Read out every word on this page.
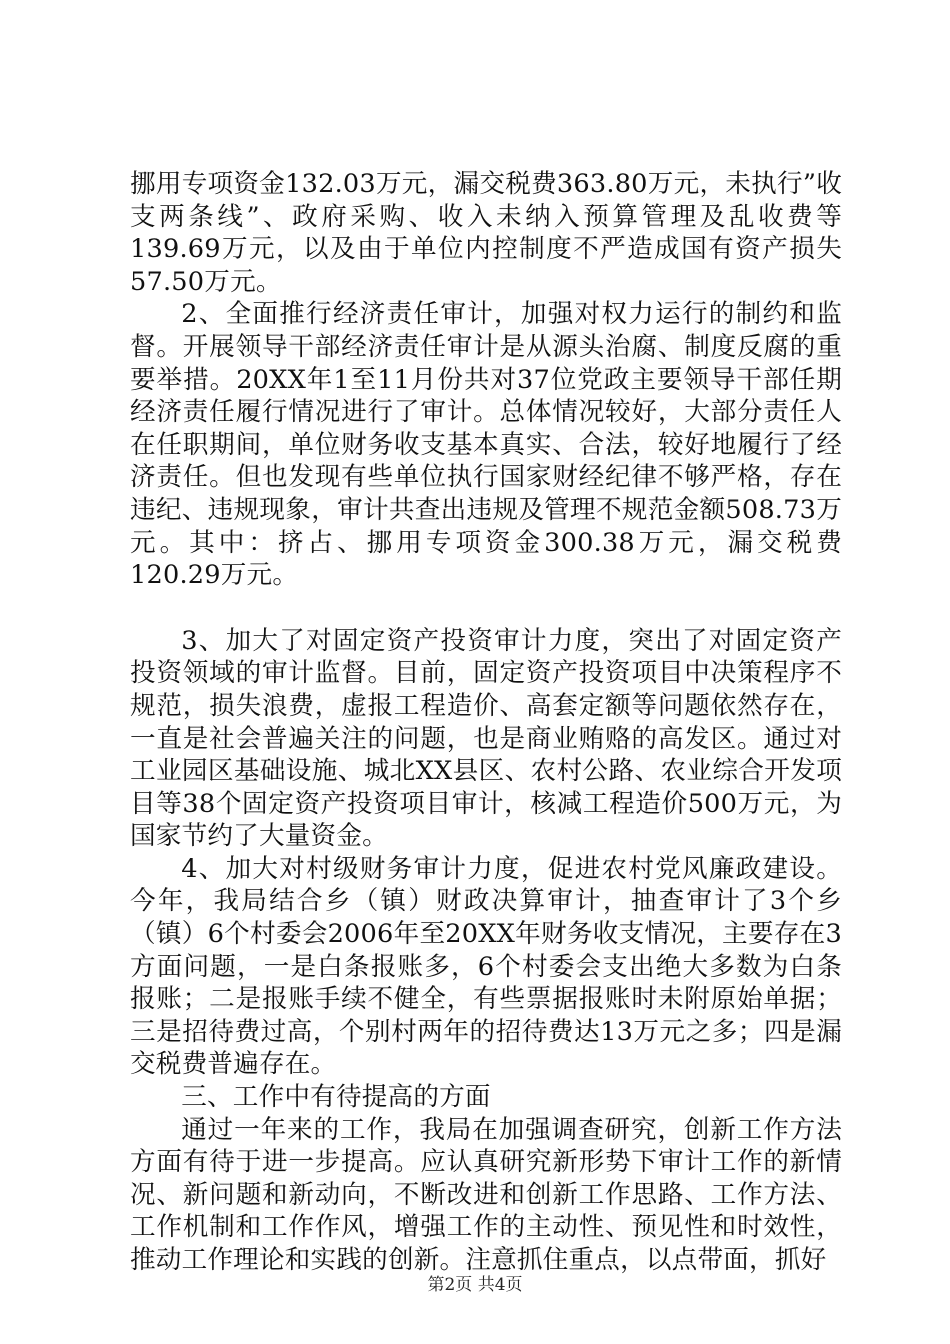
挪用专项资金132.03万元，漏交税费363.80万元，未执行”收支两条线”、政府采购、收入未纳入预算管理及乱收费等139.69万元，以及由于单位内控制度不严造成国有资产损失57.50万元。

2、全面推行经济责任审计，加强对权力运行的制约和监督。开展领导干部经济责任审计是从源头治腐、制度反腐的重要举措。20XX年1至11月份共对37位党政主要领导干部任期经济责任履行情况进行了审计。总体情况较好，大部分责任人在任职期间，单位财务收支基本真实、合法，较好地履行了经济责任。但也发现有些单位执行国家财经纪律不够严格，存在违纪、违规现象，审计共查出违规及管理不规范金额508.73万元。其中：挤占、挪用专项资金300.38万元，漏交税费120.29万元。

3、加大了对固定资产投资审计力度，突出了对固定资产投资领域的审计监督。目前，固定资产投资项目中决策程序不规范，损失浪费，虚报工程造价、高套定额等问题依然存在，一直是社会普遍关注的问题，也是商业贿赂的高发区。通过对工业园区基础设施、城北XX县区、农村公路、农业综合开发项目等38个固定资产投资项目审计，核减工程造价500万元，为国家节约了大量资金。

4、加大对村级财务审计力度，促进农村党风廉政建设。今年，我局结合乡（镇）财政决算审计，抽查审计了3个乡（镇）6个村委会2006年至20XX年财务收支情况，主要存在3方面问题，一是白条报账多，6个村委会支出绝大多数为白条报账；二是报账手续不健全，有些票据报账时未附原始单据；三是招待费过高，个别村两年的招待费达13万元之多；四是漏交税费普遍存在。

三、工作中有待提高的方面

通过一年来的工作，我局在加强调查研究，创新工作方法方面有待于进一步提高。应认真研究新形势下审计工作的新情况、新问题和新动向，不断改进和创新工作思路、工作方法、工作机制和工作作风，增强工作的主动性、预见性和时效性，推动工作理论和实践的创新。注意抓住重点，以点带面，抓好

第2页 共4页
